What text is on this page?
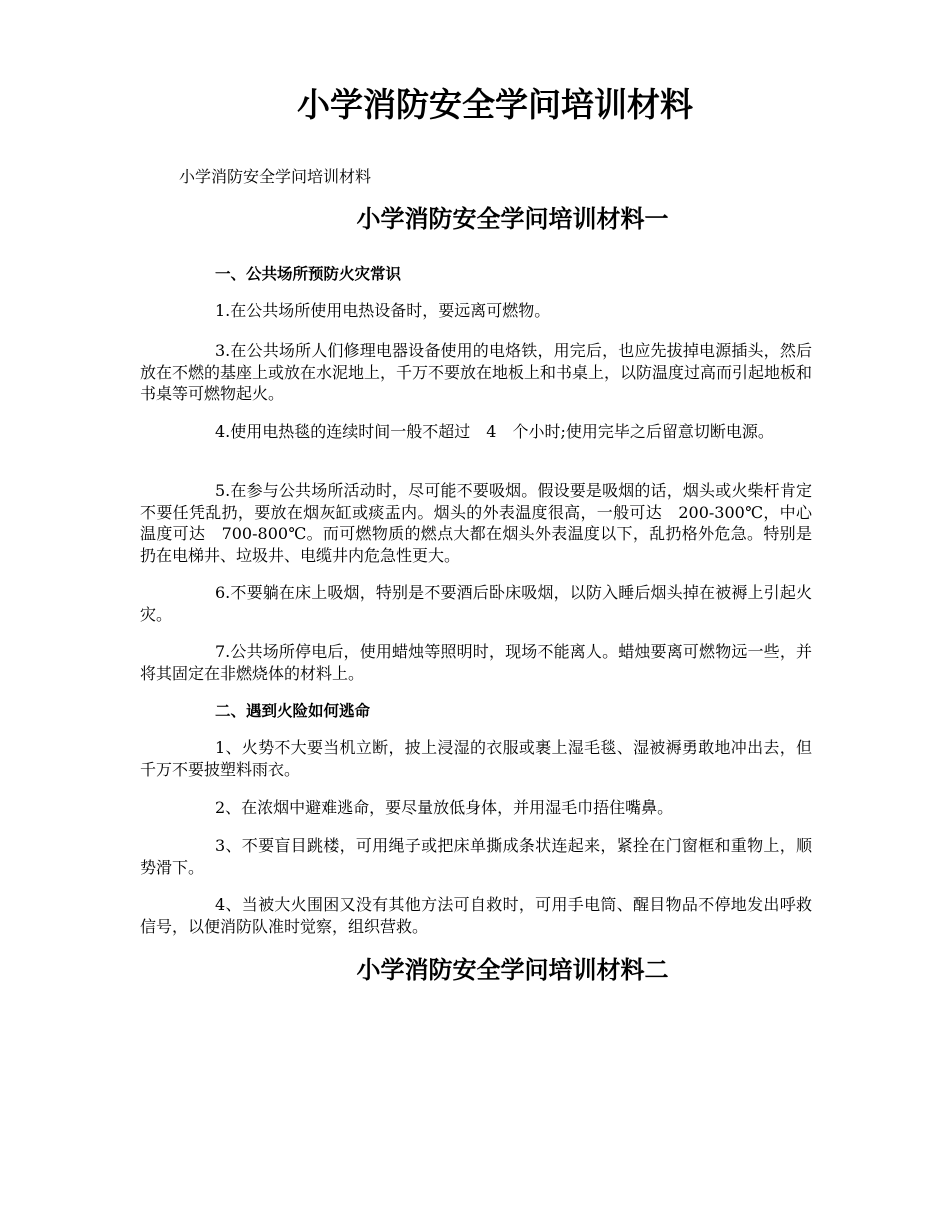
小学消防安全学问培训材料

小学消防安全学问培训材料

小学消防安全学问培训材料一
一、公共场所预防火灾常识

1.在公共场所使用电热设备时，要远离可燃物。

3.在公共场所人们修理电器设备使用的电烙铁，用完后，也应先拔掉电源插头，然后放在不燃的基座上或放在水泥地上，千万不要放在地板上和书桌上，以防温度过高而引起地板和书桌等可燃物起火。

4.使用电热毯的连续时间一般不超过　4　个小时;使用完毕之后留意切断电源。

5.在参与公共场所活动时，尽可能不要吸烟。假设要是吸烟的话，烟头或火柴杆肯定不要任凭乱扔，要放在烟灰缸或痰盂内。烟头的外表温度很高，一般可达　200-300℃，中心温度可达　700-800℃。而可燃物质的燃点大都在烟头外表温度以下，乱扔格外危急。特别是扔在电梯井、垃圾井、电缆井内危急性更大。

6.不要躺在床上吸烟，特别是不要酒后卧床吸烟，以防入睡后烟头掉在被褥上引起火灾。

7.公共场所停电后，使用蜡烛等照明时，现场不能离人。蜡烛要离可燃物远一些，并将其固定在非燃烧体的材料上。

二、遇到火险如何逃命

1、火势不大要当机立断，披上浸湿的衣服或裹上湿毛毯、湿被褥勇敢地冲出去，但千万不要披塑料雨衣。

2、在浓烟中避难逃命，要尽量放低身体，并用湿毛巾捂住嘴鼻。

3、不要盲目跳楼，可用绳子或把床单撕成条状连起来，紧拴在门窗框和重物上，顺势滑下。

4、当被大火围困又没有其他方法可自救时，可用手电筒、醒目物品不停地发出呼救信号，以便消防队准时觉察，组织营救。

小学消防安全学问培训材料二
